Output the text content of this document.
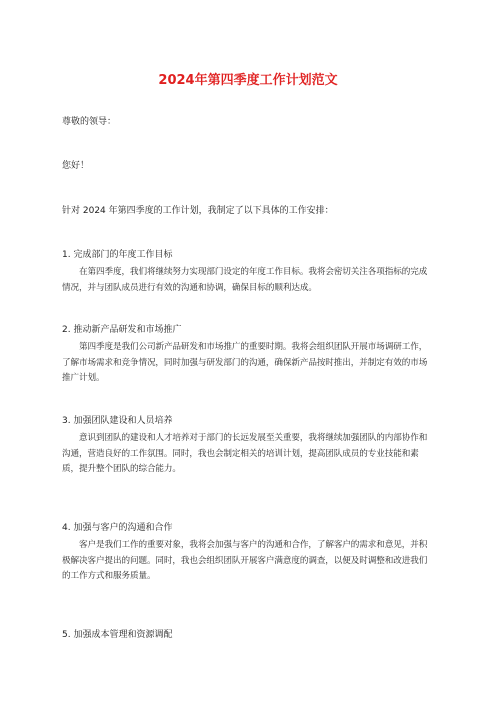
2024年第四季度工作计划范文
尊敬的领导：
您好！
针对 2024 年第四季度的工作计划，我制定了以下具体的工作安排：
1. 完成部门的年度工作目标
在第四季度，我们将继续努力实现部门设定的年度工作目标。我将会密切关注各项指标的完成情况，并与团队成员进行有效的沟通和协调，确保目标的顺利达成。
2. 推动新产品研发和市场推广
第四季度是我们公司新产品研发和市场推广的重要时期。我将会组织团队开展市场调研工作，了解市场需求和竞争情况，同时加强与研发部门的沟通，确保新产品按时推出，并制定有效的市场推广计划。
3. 加强团队建设和人员培养
意识到团队的建设和人才培养对于部门的长远发展至关重要，我将继续加强团队的内部协作和沟通，营造良好的工作氛围。同时，我也会制定相关的培训计划，提高团队成员的专业技能和素质，提升整个团队的综合能力。
4. 加强与客户的沟通和合作
客户是我们工作的重要对象，我将会加强与客户的沟通和合作，了解客户的需求和意见，并积极解决客户提出的问题。同时，我也会组织团队开展客户满意度的调查，以便及时调整和改进我们的工作方式和服务质量。
5. 加强成本管理和资源调配
